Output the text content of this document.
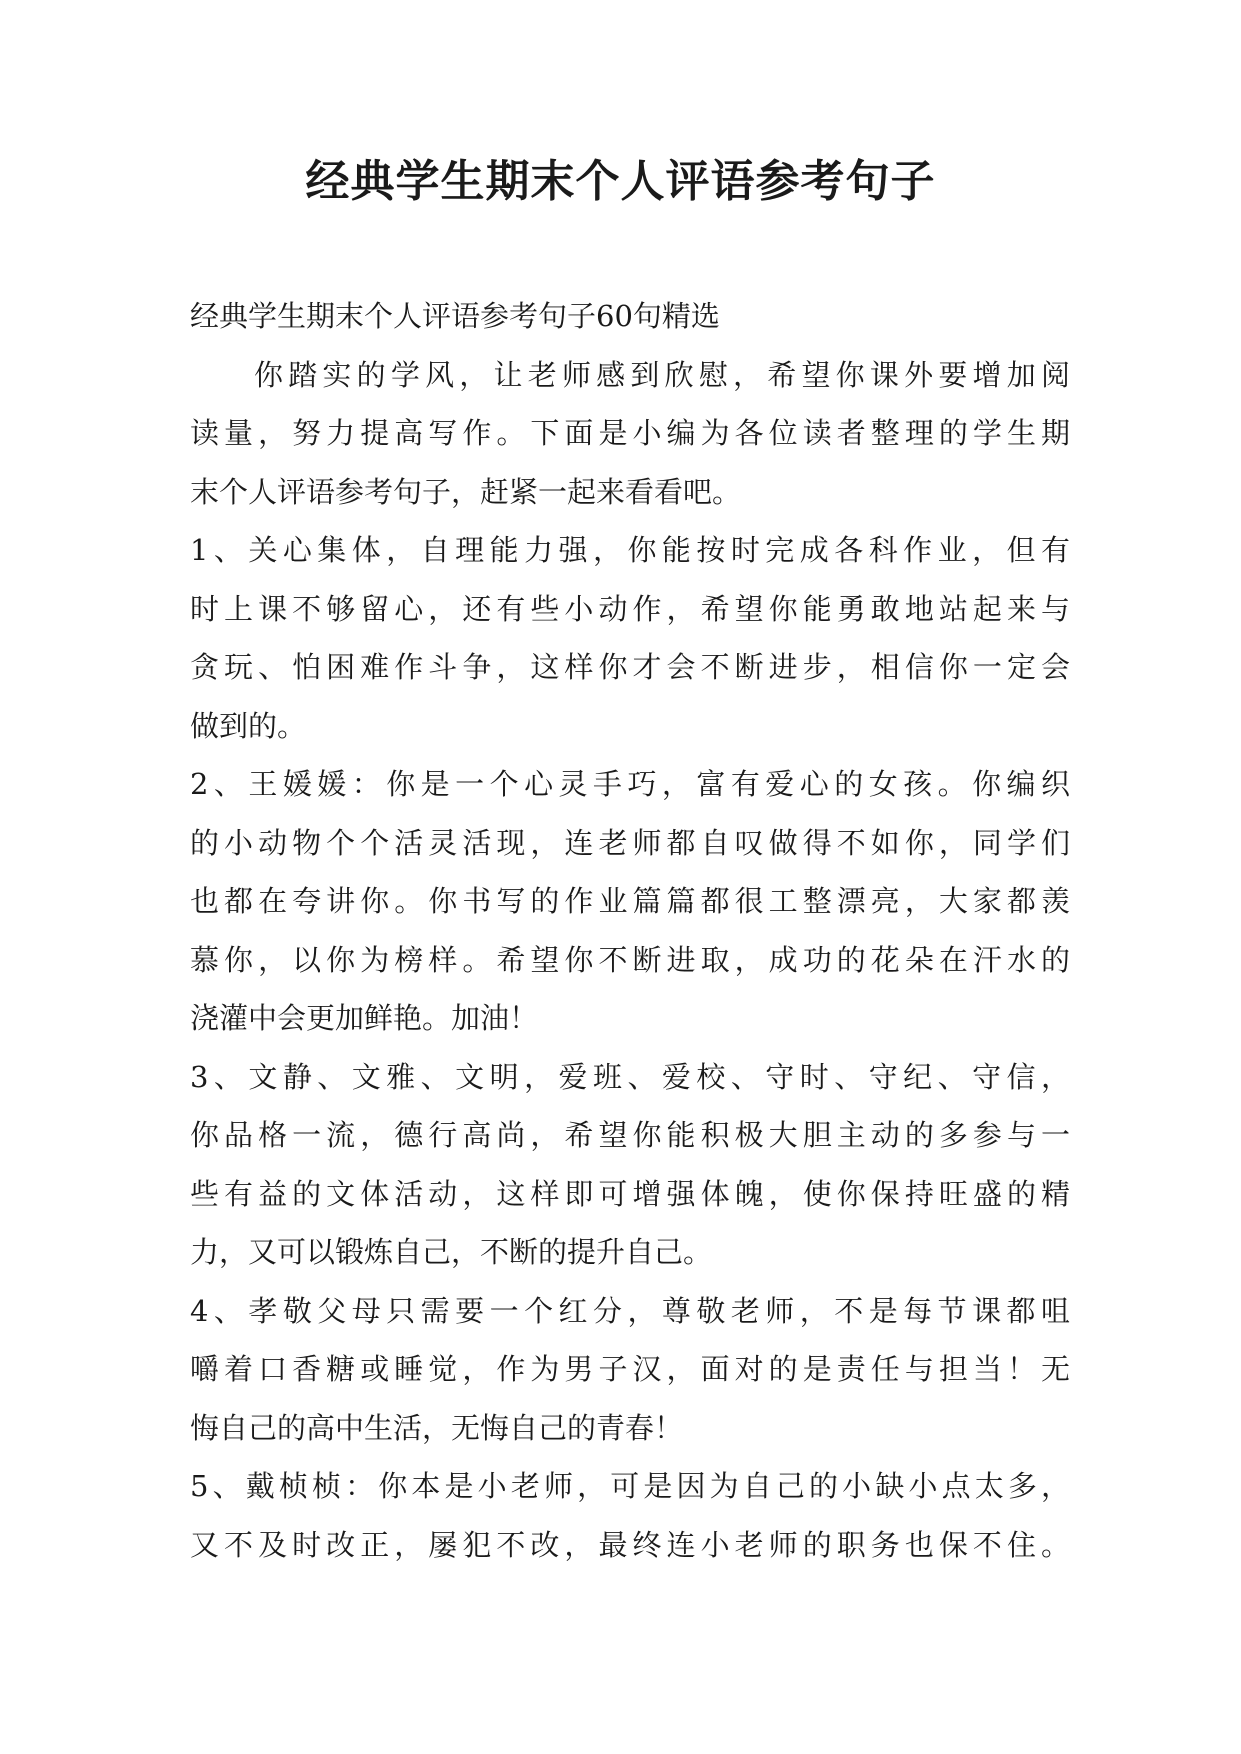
经典学生期末个人评语参考句子
经典学生期末个人评语参考句子60句精选
你踏实的学风，让老师感到欣慰，希望你课外要增加阅
读量，努力提高写作。下面是小编为各位读者整理的学生期
末个人评语参考句子，赶紧一起来看看吧。
1、关心集体，自理能力强，你能按时完成各科作业，但有
时上课不够留心，还有些小动作，希望你能勇敢地站起来与
贪玩、怕困难作斗争，这样你才会不断进步，相信你一定会
做到的。
2、王媛媛：你是一个心灵手巧，富有爱心的女孩。你编织
的小动物个个活灵活现，连老师都自叹做得不如你，同学们
也都在夸讲你。你书写的作业篇篇都很工整漂亮，大家都羡
慕你，以你为榜样。希望你不断进取，成功的花朵在汗水的
浇灌中会更加鲜艳。加油！
3、文静、文雅、文明，爱班、爱校、守时、守纪、守信，
你品格一流，德行高尚，希望你能积极大胆主动的多参与一
些有益的文体活动，这样即可增强体魄，使你保持旺盛的精
力，又可以锻炼自己，不断的提升自己。
4、孝敬父母只需要一个红分，尊敬老师，不是每节课都咀
嚼着口香糖或睡觉，作为男子汉，面对的是责任与担当！无
悔自己的高中生活，无悔自己的青春！
5、戴桢桢：你本是小老师，可是因为自己的小缺小点太多，
又不及时改正，屡犯不改，最终连小老师的职务也保不住。
